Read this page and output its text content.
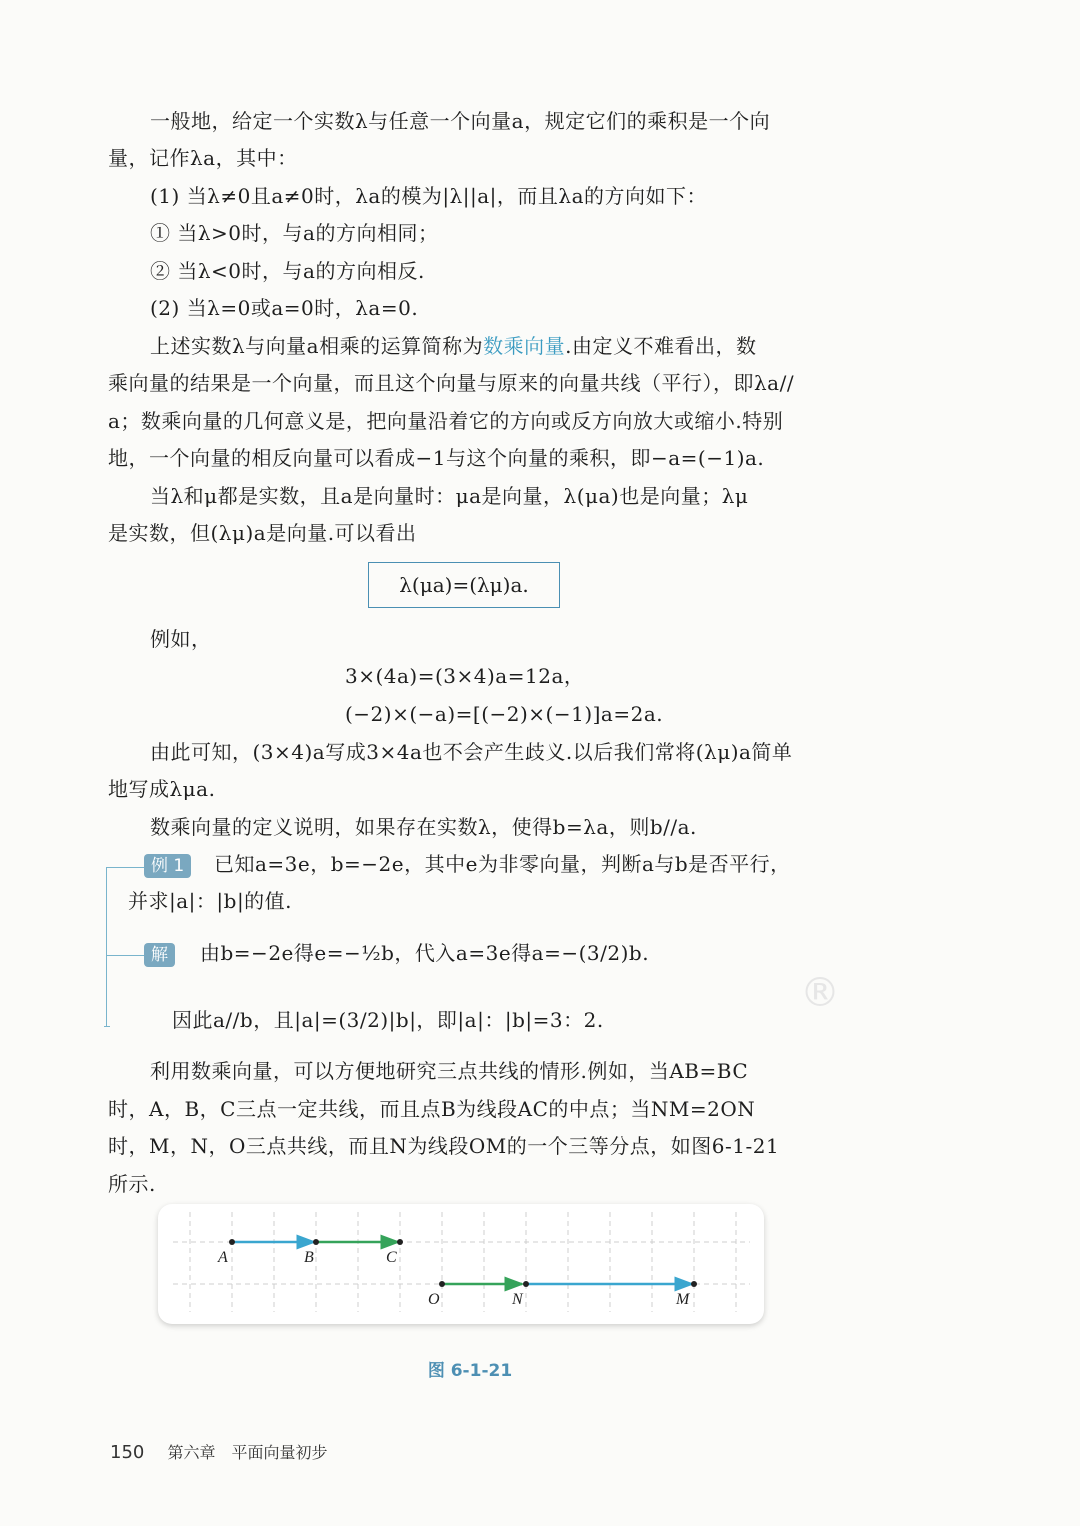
一般地，给定一个实数λ与任意一个向量a，规定它们的乘积是一个向
量，记作λa，其中：
(1) 当λ≠0且a≠0时，λa的模为|λ||a|，而且λa的方向如下：
① 当λ>0时，与a的方向相同；
② 当λ<0时，与a的方向相反.
(2) 当λ=0或a=0时，λa=0.
上述实数λ与向量a相乘的运算简称为数乘向量.由定义不难看出，数
乘向量的结果是一个向量，而且这个向量与原来的向量共线（平行），即λa//
a；数乘向量的几何意义是，把向量沿着它的方向或反方向放大或缩小.特别
地，一个向量的相反向量可以看成−1与这个向量的乘积，即−a=(−1)a.
当λ和μ都是实数，且a是向量时：μa是向量，λ(μa)也是向量；λμ
是实数，但(λμ)a是向量.可以看出
λ(μa)=(λμ)a.
例如，
3×(4a)=(3×4)a=12a，
(−2)×(−a)=[(−2)×(−1)]a=2a.
由此可知，(3×4)a写成3×4a也不会产生歧义.以后我们常将(λμ)a简单
地写成λμa.
数乘向量的定义说明，如果存在实数λ，使得b=λa，则b//a.
例 1	已知a=3e，b=−2e，其中e为非零向量，判断a与b是否平行，
并求|a|：|b|的值.
解	由b=−2e得e=−½b，代入a=3e得a=−(3/2)b.
因此a//b，且|a|=(3/2)|b|，即|a|：|b|=3：2.
®
利用数乘向量，可以方便地研究三点共线的情形.例如，当AB=BC
时，A，B，C三点一定共线，而且点B为线段AC的中点；当NM=2ON
时，M，N，O三点共线，而且N为线段OM的一个三等分点，如图6-1-21
所示.
A	B	C
O	N	M
图 6-1-21
150 第六章　平面向量初步
